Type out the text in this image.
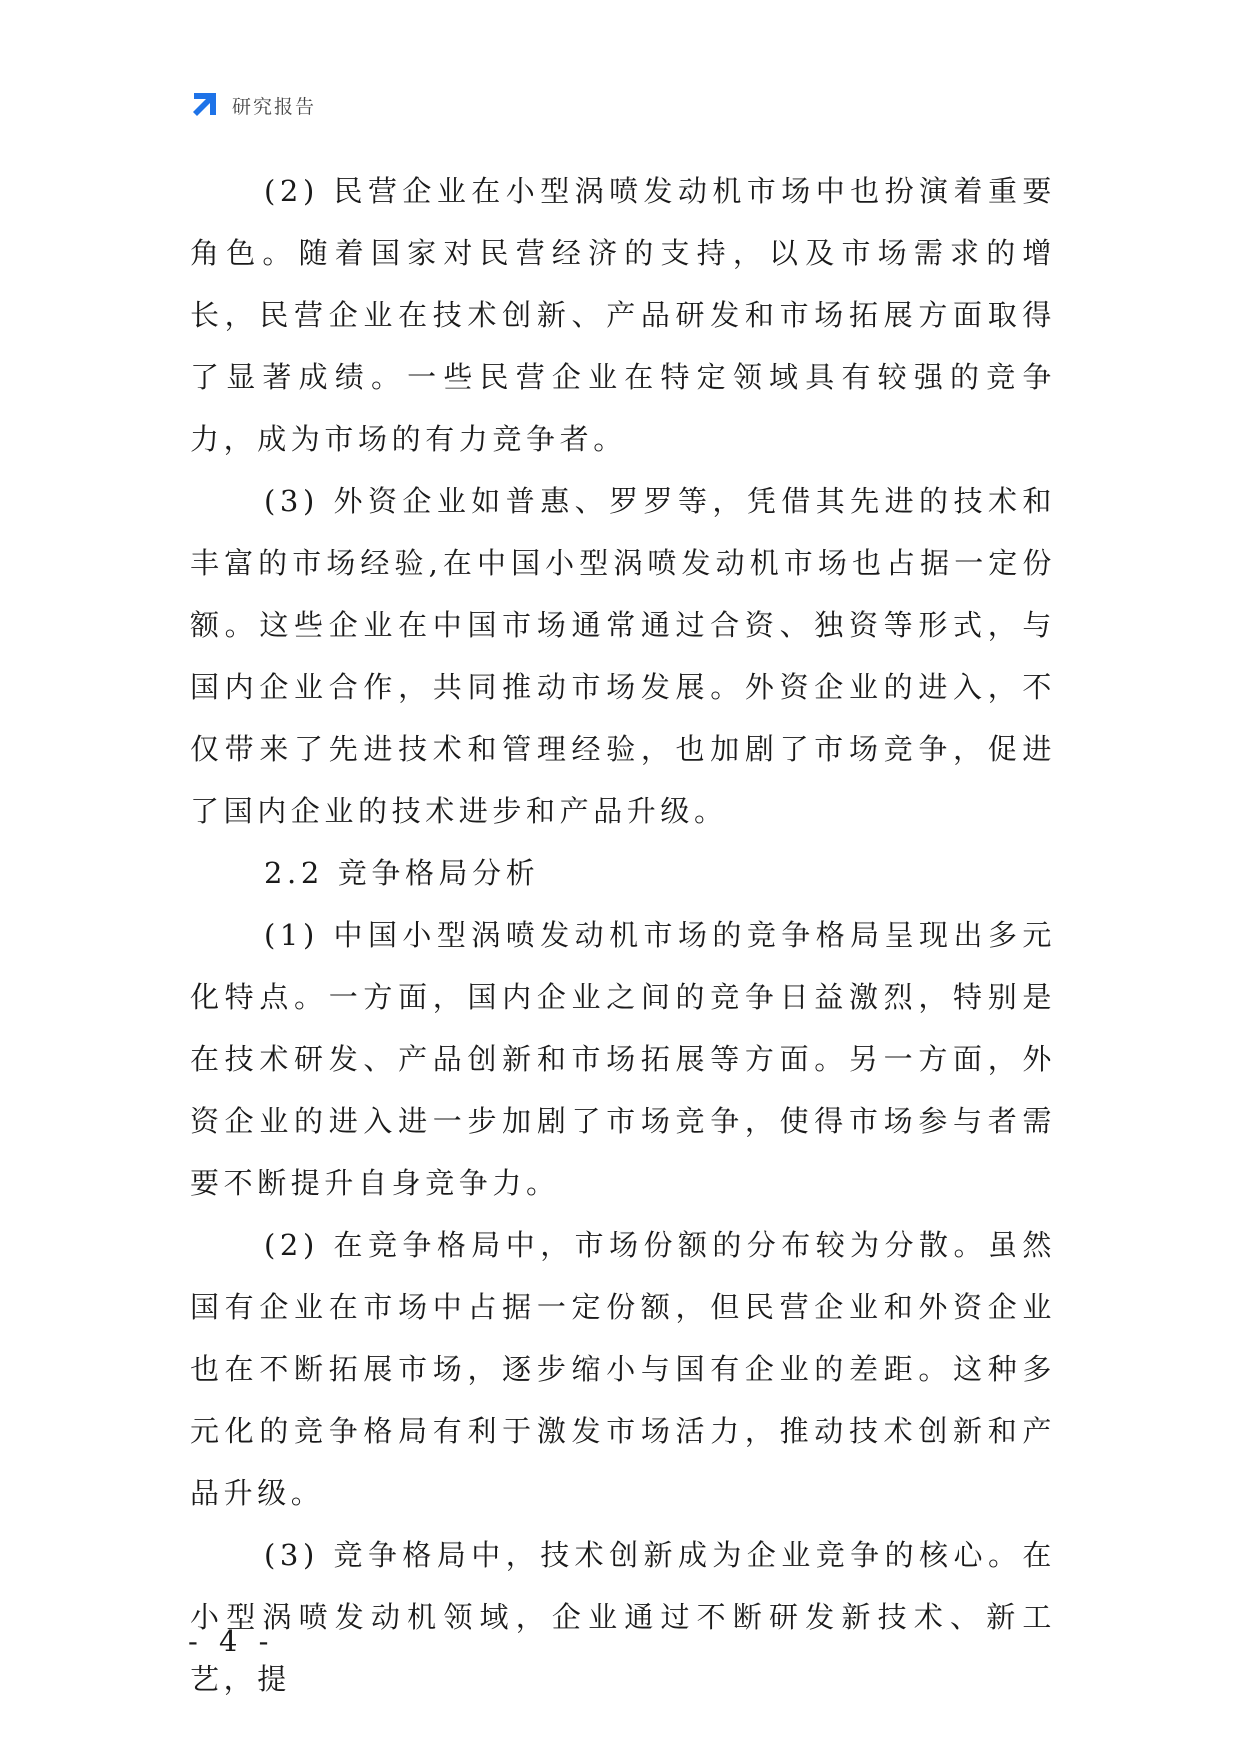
研究报告

(2) 民营企业在小型涡喷发动机市场中也扮演着重要角色。随着国家对民营经济的支持，以及市场需求的增长，民营企业在技术创新、产品研发和市场拓展方面取得了显著成绩。一些民营企业在特定领域具有较强的竞争力，成为市场的有力竞争者。

(3) 外资企业如普惠、罗罗等，凭借其先进的技术和丰富的市场经验,在中国小型涡喷发动机市场也占据一定份额。这些企业在中国市场通常通过合资、独资等形式，与国内企业合作，共同推动市场发展。外资企业的进入，不仅带来了先进技术和管理经验，也加剧了市场竞争，促进了国内企业的技术进步和产品升级。

2.2 竞争格局分析

(1) 中国小型涡喷发动机市场的竞争格局呈现出多元化特点。一方面，国内企业之间的竞争日益激烈，特别是在技术研发、产品创新和市场拓展等方面。另一方面，外资企业的进入进一步加剧了市场竞争，使得市场参与者需要不断提升自身竞争力。

(2) 在竞争格局中，市场份额的分布较为分散。虽然国有企业在市场中占据一定份额，但民营企业和外资企业也在不断拓展市场，逐步缩小与国有企业的差距。这种多元化的竞争格局有利于激发市场活力，推动技术创新和产品升级。

(3) 竞争格局中，技术创新成为企业竞争的核心。在小型涡喷发动机领域，企业通过不断研发新技术、新工艺，提

- 4 -
